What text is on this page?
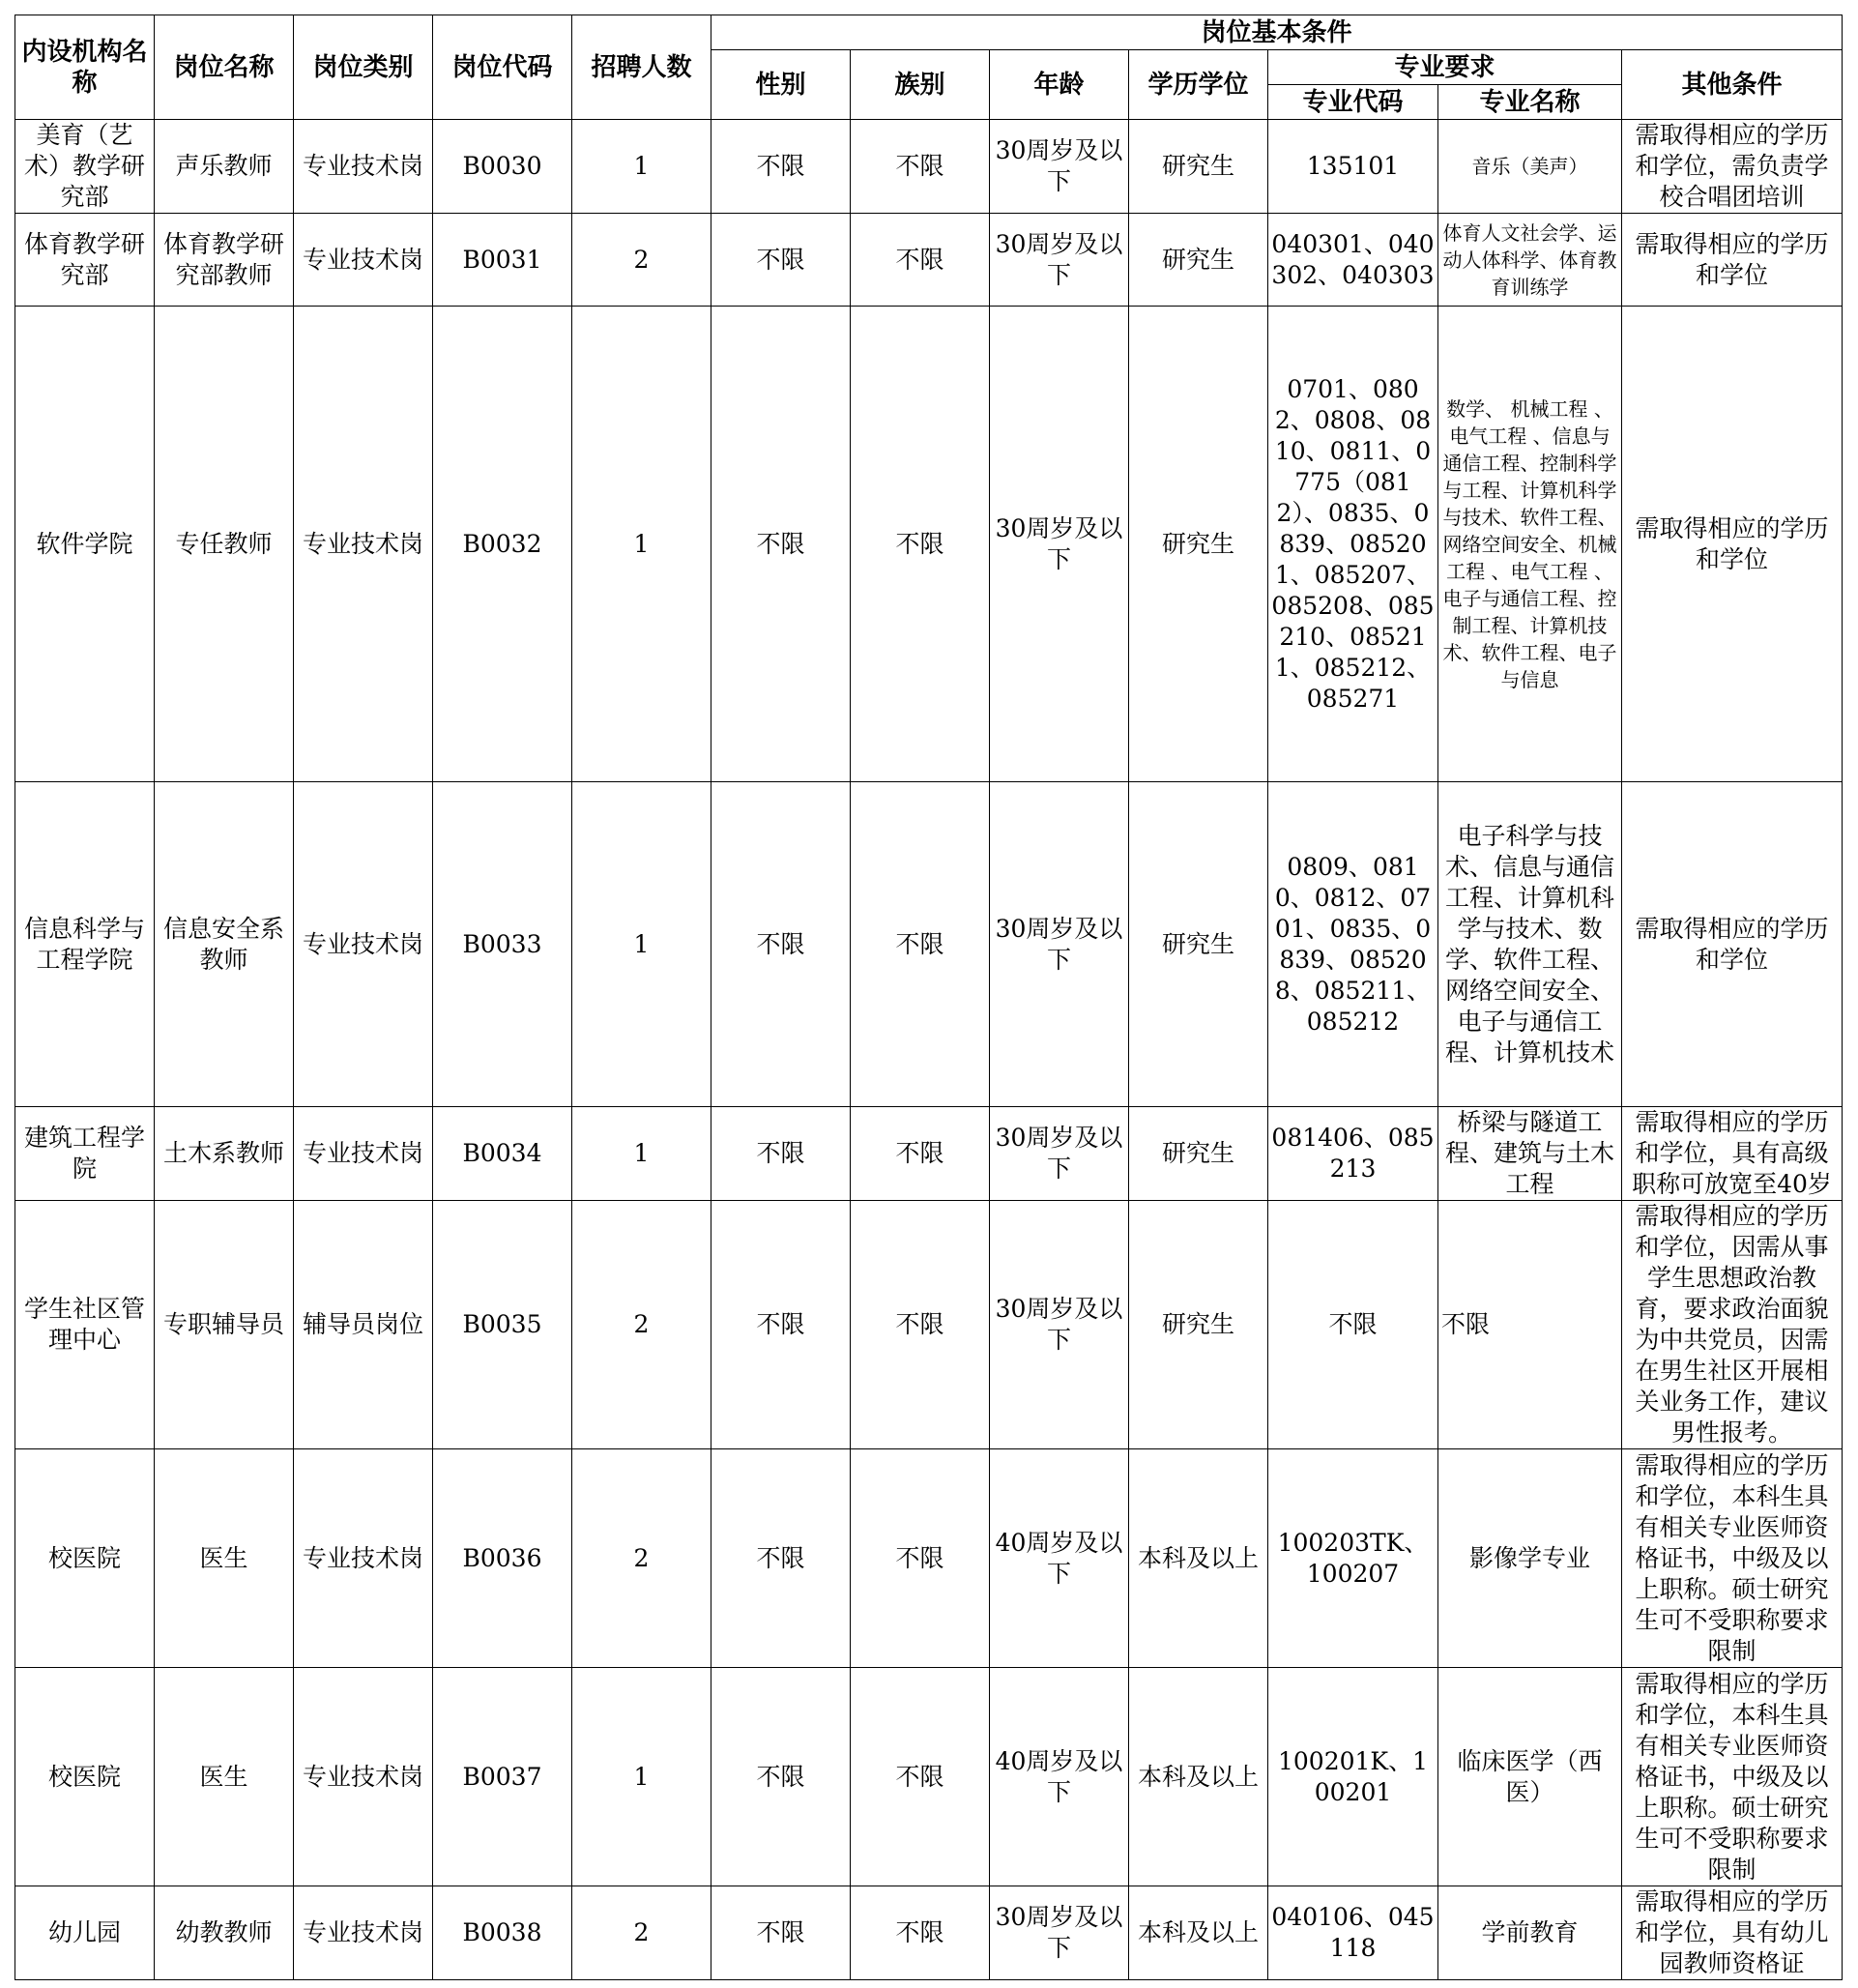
内设机构名称	岗位名称	岗位类别	岗位代码	招聘人数	岗位基本条件						
					性别	族别	年龄	学历学位	专业要求		其他条件
									专业代码	专业名称	
美育（艺术）教学研究部	声乐教师	专业技术岗	B0030	1	不限	不限	30周岁及以下	研究生	135101	音乐（美声）	需取得相应的学历和学位，需负责学校合唱团培训
体育教学研究部	体育教学研究部教师	专业技术岗	B0031	2	不限	不限	30周岁及以下	研究生	040301、040302、040303	体育人文社会学、运动人体科学、体育教育训练学	需取得相应的学历和学位
软件学院	专任教师	专业技术岗	B0032	1	不限	不限	30周岁及以下	研究生	0701、0802、0808、0810、0811、0775（0812）、0835、0839、085201、085207、085208、085210、085211、085212、085271	数学、 机械工程 、电气工程 、信息与通信工程、控制科学与工程、计算机科学与技术、软件工程、网络空间安全、机械工程 、电气工程 、电子与通信工程、控制工程、计算机技术、软件工程、电子与信息	需取得相应的学历和学位
信息科学与工程学院	信息安全系教师	专业技术岗	B0033	1	不限	不限	30周岁及以下	研究生	0809、0810、0812、0701、0835、0839、085208、085211、085212	电子科学与技术、信息与通信工程、计算机科学与技术、数学、软件工程、网络空间安全、电子与通信工程、计算机技术	需取得相应的学历和学位
建筑工程学院	土木系教师	专业技术岗	B0034	1	不限	不限	30周岁及以下	研究生	081406、085213	桥梁与隧道工程、建筑与土木工程	需取得相应的学历和学位，具有高级职称可放宽至40岁
学生社区管理中心	专职辅导员	辅导员岗位	B0035	2	不限	不限	30周岁及以下	研究生	不限	不限	需取得相应的学历和学位，因需从事学生思想政治教育，要求政治面貌为中共党员，因需在男生社区开展相关业务工作，建议男性报考。
校医院	医生	专业技术岗	B0036	2	不限	不限	40周岁及以下	本科及以上	100203TK、100207	影像学专业	需取得相应的学历和学位，本科生具有相关专业医师资格证书，中级及以上职称。硕士研究生可不受职称要求限制
校医院	医生	专业技术岗	B0037	1	不限	不限	40周岁及以下	本科及以上	100201K、100201	临床医学（西医）	需取得相应的学历和学位，本科生具有相关专业医师资格证书，中级及以上职称。硕士研究生可不受职称要求限制
幼儿园	幼教教师	专业技术岗	B0038	2	不限	不限	30周岁及以下	本科及以上	040106、045118	学前教育	需取得相应的学历和学位，具有幼儿园教师资格证
